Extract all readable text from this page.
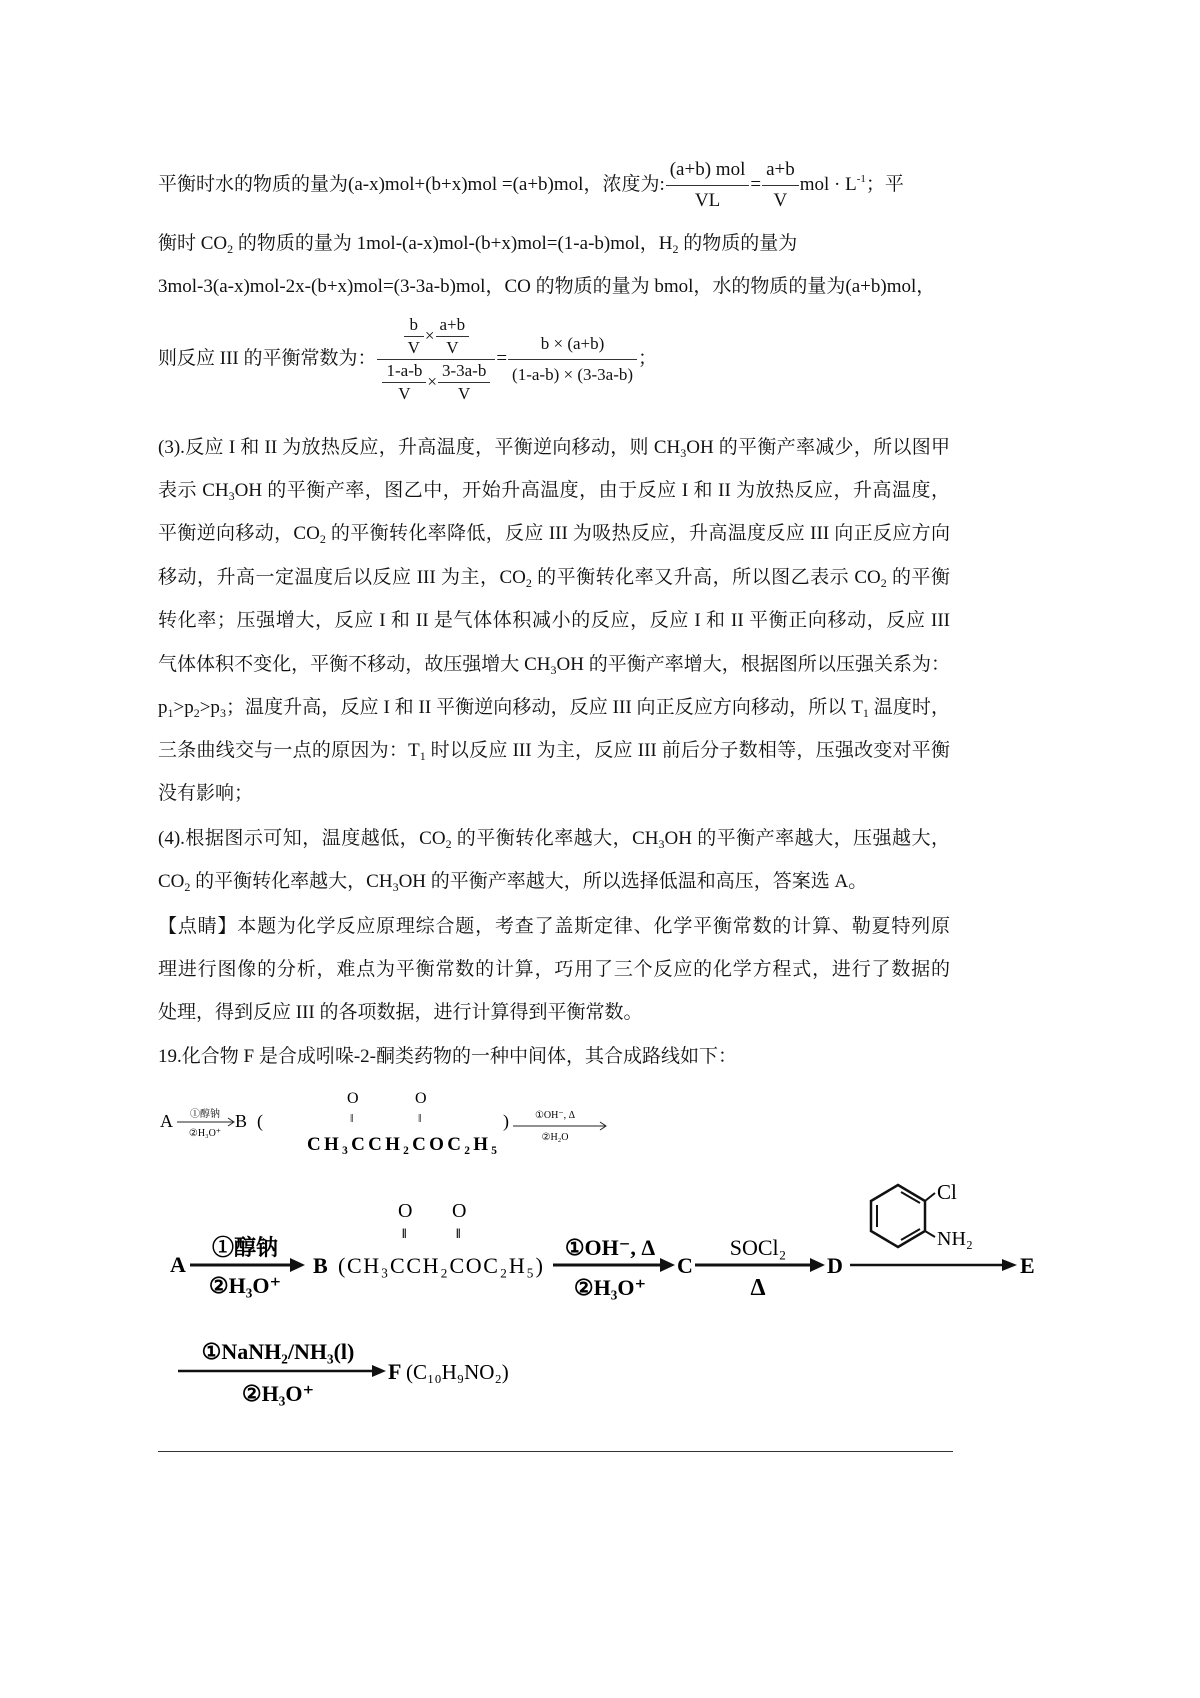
平衡时水的物质的量为(a-x)mol+(b+x)mol =(a+b)mol，浓度为: $\frac{\text{(a+b) mol}}{VL} = \frac{a+b}{V}$ mol · $L^{-1}$；平
衡时 $CO_2$ 的物质的量为 1mol-(a-x)mol-(b+x)mol=(1-a-b)mol，$H_2$ 的物质的量为
3mol-3(a-x)mol-2x-(b+x)mol=(3-3a-b)mol，CO 的物质的量为 bmol，水的物质的量为(a+b)mol，
则反应 III 的平衡常数为： $\frac{\frac{b}{V} \times \frac{a+b}{V}}{\frac{1-a-b}{V} \times \frac{3-3a-b}{V}} = \frac{b \times (a+b)}{(1-a-b) \times (3-3a-b)}$ ；
(3).反应 I 和 II 为放热反应，升高温度，平衡逆向移动，则 $CH_3OH$ 的平衡产率减少，所以图甲
表示 $CH_3OH$ 的平衡产率，图乙中，开始升高温度，由于反应 I 和 II 为放热反应，升高温度，
平衡逆向移动，$CO_2$ 的平衡转化率降低，反应 III 为吸热反应，升高温度反应 III 向正反应方向
移动，升高一定温度后以反应 III 为主，$CO_2$ 的平衡转化率又升高，所以图乙表示 $CO_2$ 的平衡
转化率；压强增大，反应 I 和 II 是气体体积减小的反应，反应 I 和 II 平衡正向移动，反应 III
气体体积不变化，平衡不移动，故压强增大 $CH_3OH$ 的平衡产率增大，根据图所以压强关系为：
$p_1>p_2>p_3$；温度升高，反应 I 和 II 平衡逆向移动，反应 III 向正反应方向移动，所以 $T_1$ 温度时，
三条曲线交与一点的原因为：$T_1$ 时以反应 III 为主，反应 III 前后分子数相等，压强改变对平衡
没有影响；
(4).根据图示可知，温度越低，$CO_2$ 的平衡转化率越大，$CH_3OH$ 的平衡产率越大，压强越大，
$CO_2$ 的平衡转化率越大，$CH_3OH$ 的平衡产率越大，所以选择低温和高压，答案选 A。
【点睛】本题为化学反应原理综合题，考查了盖斯定律、化学平衡常数的计算、勒夏特列原
理进行图像的分析，难点为平衡常数的计算，巧用了三个反应的化学方程式，进行了数据的
处理，得到反应 III 的各项数据，进行计算得到平衡常数。
19.化合物 F 是合成吲哚-2-酮类药物的一种中间体，其合成路线如下：
A ①醇钠
②H₃O⁺
B (
O
‖
O
‖
CH₃CCH₂COC₂H₅
)	①OH⁻, Δ
②H₂O
A
①醇钠
②H₃O⁺
B
O
‖
O
‖
(CH₃CCH₂COC₂H₅)
①OH⁻, Δ
②H₃O⁺
C
SOCl₂
Δ
D
Cl
NH₂
E
①NaNH₂/NH₃(l)
②H₃O⁺
F (C₁₀H₉NO₂)
